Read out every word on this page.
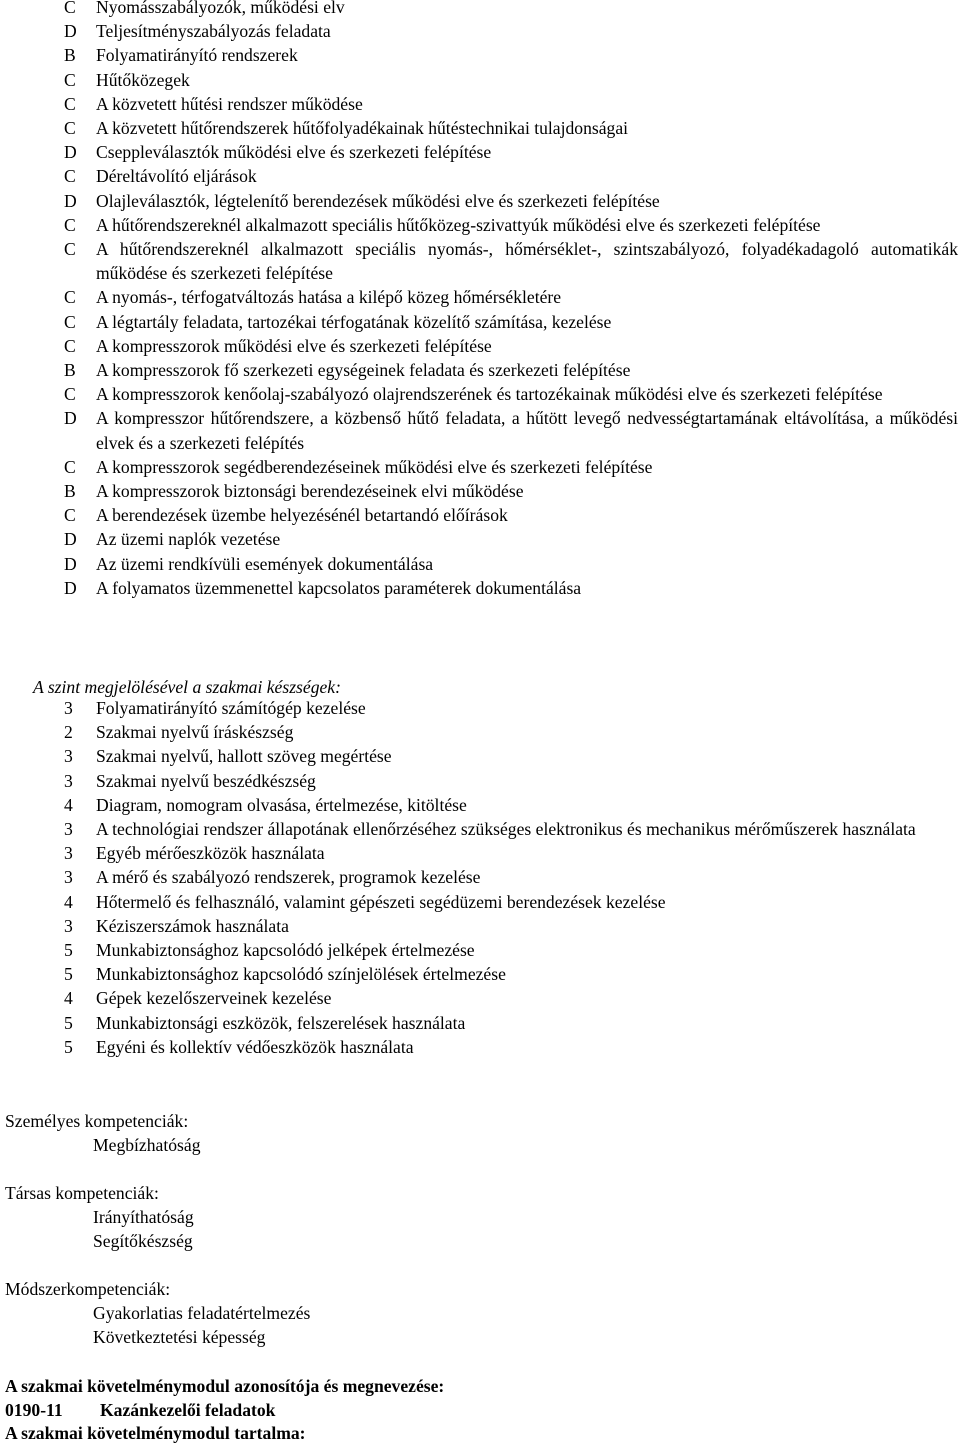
C	Nyomásszabályozók, működési elv
D	Teljesítményszabályozás feladata
B	Folyamatirányító rendszerek
C	Hűtőközegek
C	A közvetett hűtési rendszer működése
C	A közvetett hűtőrendszerek hűtőfolyadékainak hűtéstechnikai tulajdonságai
D	Cseppleválasztók működési elve és szerkezeti felépítése
C	Déreltávolító eljárások
D	Olajleválasztók, légtelenítő berendezések működési elve és szerkezeti felépítése
C	A hűtőrendszereknél alkalmazott speciális hűtőközeg-szivattyúk működési elve és szerkezeti felépítése
C	A hűtőrendszereknél alkalmazott speciális nyomás-, hőmérséklet-, szintszabályozó, folyadékadagoló automatikák működése és szerkezeti felépítése
C	A nyomás-, térfogatváltozás hatása a kilépő közeg hőmérsékletére
C	A légtartály feladata, tartozékai térfogatának közelítő számítása, kezelése
C	A kompresszorok működési elve és szerkezeti felépítése
B	A kompresszorok fő szerkezeti egységeinek feladata és szerkezeti felépítése
C	A kompresszorok kenőolaj-szabályozó olajrendszerének és tartozékainak működési elve és szerkezeti felépítése
D	A kompresszor hűtőrendszere, a közbenső hűtő feladata, a hűtött levegő nedvességtartamának eltávolítása, a működési elvek és a szerkezeti felépítés
C	A kompresszorok segédberendezéseinek működési elve és szerkezeti felépítése
B	A kompresszorok biztonsági berendezéseinek elvi működése
C	A berendezések üzembe helyezésénél betartandó előírások
D	Az üzemi naplók vezetése
D	Az üzemi rendkívüli események dokumentálása
D	A folyamatos üzemmenettel kapcsolatos paraméterek dokumentálása
A szint megjelölésével a szakmai készségek:
3	Folyamatirányító számítógép kezelése
2	Szakmai nyelvű íráskészség
3	Szakmai nyelvű, hallott szöveg megértése
3	Szakmai nyelvű beszédkészség
4	Diagram, nomogram olvasása, értelmezése, kitöltése
3	A technológiai rendszer állapotának ellenőrzéséhez szükséges elektronikus és mechanikus mérőműszerek használata
3	Egyéb mérőeszközök használata
3	A mérő és szabályozó rendszerek, programok kezelése
4	Hőtermelő és felhasználó, valamint gépészeti segédüzemi berendezések kezelése
3	Kéziszerszámok használata
5	Munkabiztonsághoz kapcsolódó jelképek értelmezése
5	Munkabiztonsághoz kapcsolódó színjelölések értelmezése
4	Gépek kezelőszerveinek kezelése
5	Munkabiztonsági eszközök, felszerelések használata
5	Egyéni és kollektív védőeszközök használata
Személyes kompetenciák:
Megbízhatóság
Társas kompetenciák:
Irányíthatóság
Segítőkészség
Módszerkompetenciák:
Gyakorlatias feladatértelmezés
Következtetési képesség
A szakmai követelménymodul azonosítója és megnevezése:
0190-11 Kazánkezelői feladatok
A szakmai követelménymodul tartalma:
